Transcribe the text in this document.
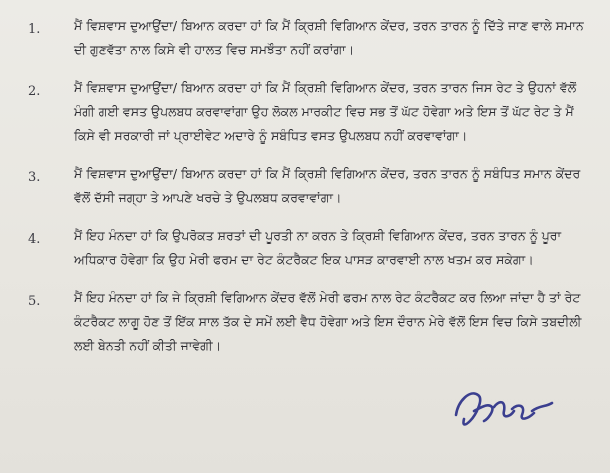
1.	ਮੈਂ ਵਿਸ਼ਵਾਸ ਦੁਆਉਂਦਾ/ ਬਿਆਨ ਕਰਦਾ ਹਾਂ ਕਿ ਮੈਂ ਕ੍ਰਿਸ਼ੀ ਵਿਗਿਆਨ ਕੇਂਦਰ, ਤਰਨ ਤਾਰਨ ਨੂੰ ਦਿੱਤੇ ਜਾਣ ਵਾਲੇ ਸਮਾਨ ਦੀ ਗੁਣਵੱਤਾ ਨਾਲ ਕਿਸੇ ਵੀ ਹਾਲਤ ਵਿਚ ਸਮਝੌਤਾ ਨਹੀਂ ਕਰਾਂਗਾ।
2.	ਮੈਂ ਵਿਸ਼ਵਾਸ ਦੁਆਉਂਦਾ/ ਬਿਆਨ ਕਰਦਾ ਹਾਂ ਕਿ ਮੈਂ ਕ੍ਰਿਸ਼ੀ ਵਿਗਿਆਨ ਕੇਂਦਰ, ਤਰਨ ਤਾਰਨ ਜਿਸ ਰੇਟ ਤੇ ਉਹਨਾਂ ਵੱਲੋਂ ਮੰਗੀ ਗਈ ਵਸਤ ਉਪਲਬਧ ਕਰਵਾਵਾਂਗਾ ਉਹ ਲੋਕਲ ਮਾਰਕੀਟ ਵਿਚ ਸਭ ਤੋਂ ਘੱਟ ਹੋਵੇਗਾ ਅਤੇ ਇਸ ਤੋਂ ਘੱਟ ਰੇਟ ਤੇ ਮੈਂ ਕਿਸੇ ਵੀ ਸਰਕਾਰੀ ਜਾਂ ਪ੍ਰਾਈਵੇਟ ਅਦਾਰੇ ਨੂੰ ਸਬੰਧਿਤ ਵਸਤ ਉਪਲਬਧ ਨਹੀਂ ਕਰਵਾਵਾਂਗਾ।
3.	ਮੈਂ ਵਿਸ਼ਵਾਸ ਦੁਆਉਂਦਾ/ ਬਿਆਨ ਕਰਦਾ ਹਾਂ ਕਿ ਮੈਂ ਕ੍ਰਿਸ਼ੀ ਵਿਗਿਆਨ ਕੇਂਦਰ, ਤਰਨ ਤਾਰਨ ਨੂੰ ਸਬੰਧਿਤ ਸਮਾਨ ਕੇਂਦਰ ਵੱਲੋਂ ਦੱਸੀ ਜਗ੍ਹਾ ਤੇ ਆਪਣੇ ਖਰਚੇ ਤੇ ਉਪਲਬਧ ਕਰਵਾਵਾਂਗਾ।
4.	ਮੈਂ ਇਹ ਮੰਨਦਾ ਹਾਂ ਕਿ ਉਪਰੋਕਤ ਸ਼ਰਤਾਂ ਦੀ ਪੂਰਤੀ ਨਾ ਕਰਨ ਤੇ ਕ੍ਰਿਸ਼ੀ ਵਿਗਿਆਨ ਕੇਂਦਰ, ਤਰਨ ਤਾਰਨ ਨੂੰ ਪੂਰਾ ਅਧਿਕਾਰ ਹੋਵੇਗਾ ਕਿ ਉਹ ਮੇਰੀ ਫਰਮ ਦਾ ਰੇਟ ਕੰਟਰੈਕਟ ਇਕ ਪਾਸੜ ਕਾਰਵਾਈ ਨਾਲ ਖਤਮ ਕਰ ਸਕੇਗਾ।
5.	ਮੈਂ ਇਹ ਮੰਨਦਾ ਹਾਂ ਕਿ ਜੇ ਕ੍ਰਿਸ਼ੀ ਵਿਗਿਆਨ ਕੇਂਦਰ ਵੱਲੋਂ ਮੇਰੀ ਫਰਮ ਨਾਲ ਰੇਟ ਕੰਟਰੈਕਟ ਕਰ ਲਿਆ ਜਾਂਦਾ ਹੈ ਤਾਂ ਰੇਟ ਕੰਟਰੈਕਟ ਲਾਗੂ ਹੋਣ ਤੋਂ ਇੱਕ ਸਾਲ ਤੱਕ ਦੇ ਸਮੇਂ ਲਈ ਵੈਧ ਹੋਵੇਗਾ ਅਤੇ ਇਸ ਦੌਰਾਨ ਮੇਰੇ ਵੱਲੋਂ ਇਸ ਵਿਚ ਕਿਸੇ ਤਬਦੀਲੀ ਲਈ ਬੇਨਤੀ ਨਹੀਂ ਕੀਤੀ ਜਾਵੇਗੀ।
